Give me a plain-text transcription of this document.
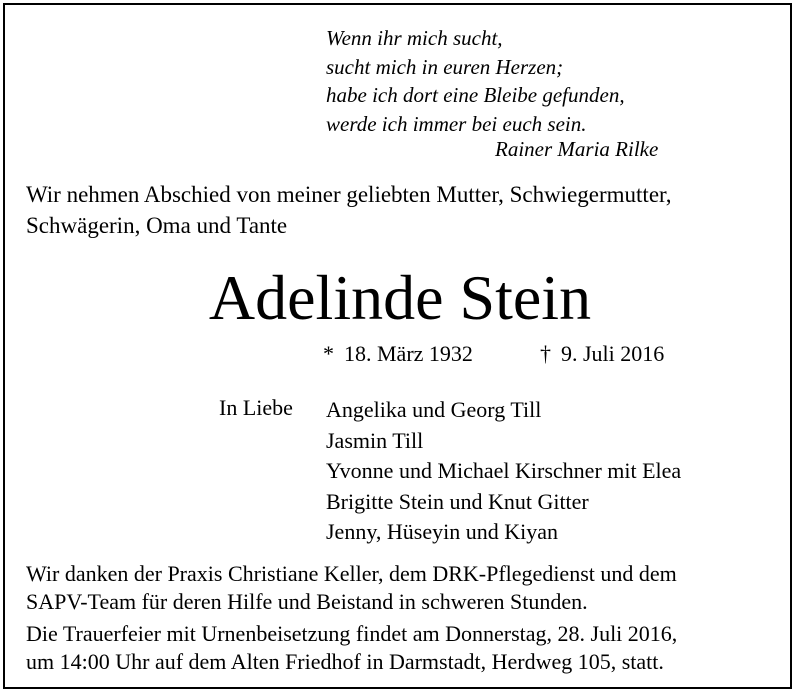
Wenn ihr mich sucht,
sucht mich in euren Herzen;
habe ich dort eine Bleibe gefunden,
werde ich immer bei euch sein.
Rainer Maria Rilke
Wir nehmen Abschied von meiner geliebten Mutter, Schwiegermutter,
Schwägerin, Oma und Tante
Adelinde Stein
* 18. März 1932	† 9. Juli 2016
In Liebe Angelika und Georg Till
Jasmin Till
Yvonne und Michael Kirschner mit Elea
Brigitte Stein und Knut Gitter
Jenny, Hüseyin und Kiyan
Wir danken der Praxis Christiane Keller, dem DRK-Pflegedienst und dem
SAPV-Team für deren Hilfe und Beistand in schweren Stunden.
Die Trauerfeier mit Urnenbeisetzung findet am Donnerstag, 28. Juli 2016,
um 14:00 Uhr auf dem Alten Friedhof in Darmstadt, Herdweg 105, statt.
